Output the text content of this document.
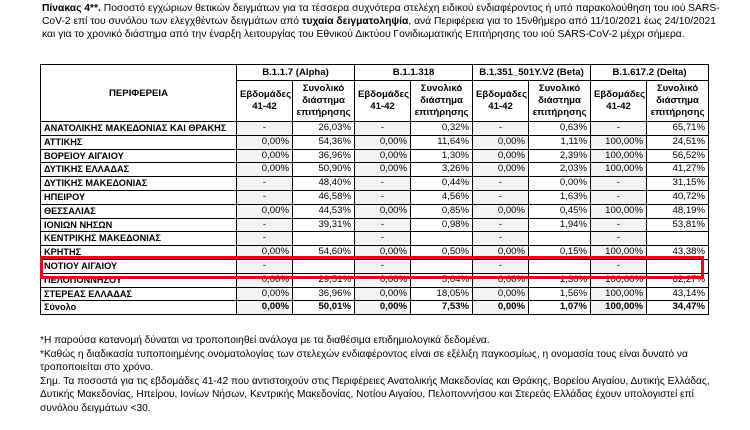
Πίνακας 4**. Ποσοστό εγχώριων θετικών δειγμάτων για τα τέσσερα συχνότερα στελέχη ειδικού ενδιαφέροντος ή υπό παρακολούθηση του ιού SARS-CoV-2 επί του συνόλου των ελεγχθέντων δειγμάτων από τυχαία δειγματοληψία, ανά Περιφέρεια για το 15νθήμερο από 11/10/2021 έως 24/10/2021 και για το χρονικό διάστημα από την έναρξη λειτουργίας του Εθνικού Δικτύου Γονιδιωματικής Επιτήρησης του ιού SARS-CoV-2 μέχρι σήμερα.
ΠΕΡΙΦΕΡΕΙΑ	B.1.1.7 (Alpha)		B.1.1.318		B.1.351_501Y.V2 (Beta)		B.1.617.2 (Delta)	
	Εβδομάδες 41-42	Συνολικό διάστημα επιτήρησης	Εβδομάδες 41-42	Συνολικό διάστημα επιτήρησης	Εβδομάδες 41-42	Συνολικό διάστημα επιτήρησης	Εβδομάδες 41-42	Συνολικό διάστημα επιτήρησης
ΑΝΑΤΟΛΙΚΗΣ ΜΑΚΕΔΟΝΙΑΣ ΚΑΙ ΘΡΑΚΗΣ	-	26,03%	-	0,32%	-	0,63%	-	65,71%
ΑΤΤΙΚΗΣ	0,00%	54,36%	0,00%	11,64%	0,00%	1,11%	100,00%	24,51%
ΒΟΡΕΙΟΥ ΑΙΓΑΙΟΥ	0,00%	36,96%	0,00%	1,30%	0,00%	2,39%	100,00%	56,52%
ΔΥΤΙΚΗΣ ΕΛΛΑΔΑΣ	0,00%	50,90%	0,00%	3,26%	0,00%	2,03%	100,00%	41,27%
ΔΥΤΙΚΗΣ ΜΑΚΕΔΟΝΙΑΣ	-	48,40%	-	0,44%	-	0,00%	-	31,15%
ΗΠΕΙΡΟΥ	-	46,58%	-	4,56%	-	1,63%	-	40,72%
ΘΕΣΣΑΛΙΑΣ	0,00%	44,53%	0,00%	0,85%	0,00%	0,45%	100,00%	48,19%
ΙΟΝΙΩΝ ΝΗΣΩΝ	-	39,31%	-	0,98%	-	1,94%	-	53,81%
ΚΕΝΤΡΙΚΗΣ ΜΑΚΕΔΟΝΙΑΣ	-		-		-		-	
ΚΡΗΤΗΣ	0,00%	54,60%	0,00%	0,50%	0,00%	0,15%	100,00%	43,38%
ΝΟΤΙΟΥ ΑΙΓΑΙΟΥ	-		-		-		-	
ΠΕΛΟΠΟΝΝΗΣΟΥ	0,00%	29,51%	0,00%	5,04%	0,00%	1,36%	100,00%	62,27%
ΣΤΕΡΕΑΣ ΕΛΛΑΔΑΣ	0,00%	36,96%	0,00%	18,05%	0,00%	1,56%	100,00%	43,14%
Σύνολο	0,00%	50,01%	0,00%	7,53%	0,00%	1,07%	100,00%	34,47%
*Η παρούσα κατανομή δύναται να τροποποιηθεί ανάλογα με τα διαθέσιμα επιδημιολογικά δεδομένα.
*Καθώς η διαδικασία τυποποιημένης ονοματολογίας των στελεχών ενδιαφέροντος είναι σε εξέλιξη παγκοσμίως, η ονομασία τους είναι δυνατό να τροποποιείται στο χρόνο.
Σημ. Τα ποσοστά για τις εβδομάδες 41-42 που αντιστοιχούν στις Περιφέρειες Ανατολικής Μακεδονίας και Θράκης, Βορείου Αιγαίου, Δυτικής Ελλάδας, Δυτικής Μακεδονίας, Ηπείρου, Ιονίων Νήσων, Κεντρικής Μακεδονίας, Νοτίου Αιγαίου, Πελοποννήσου και Στερεάς Ελλάδας έχουν υπολογιστεί επί συνόλου δειγμάτων <30.
